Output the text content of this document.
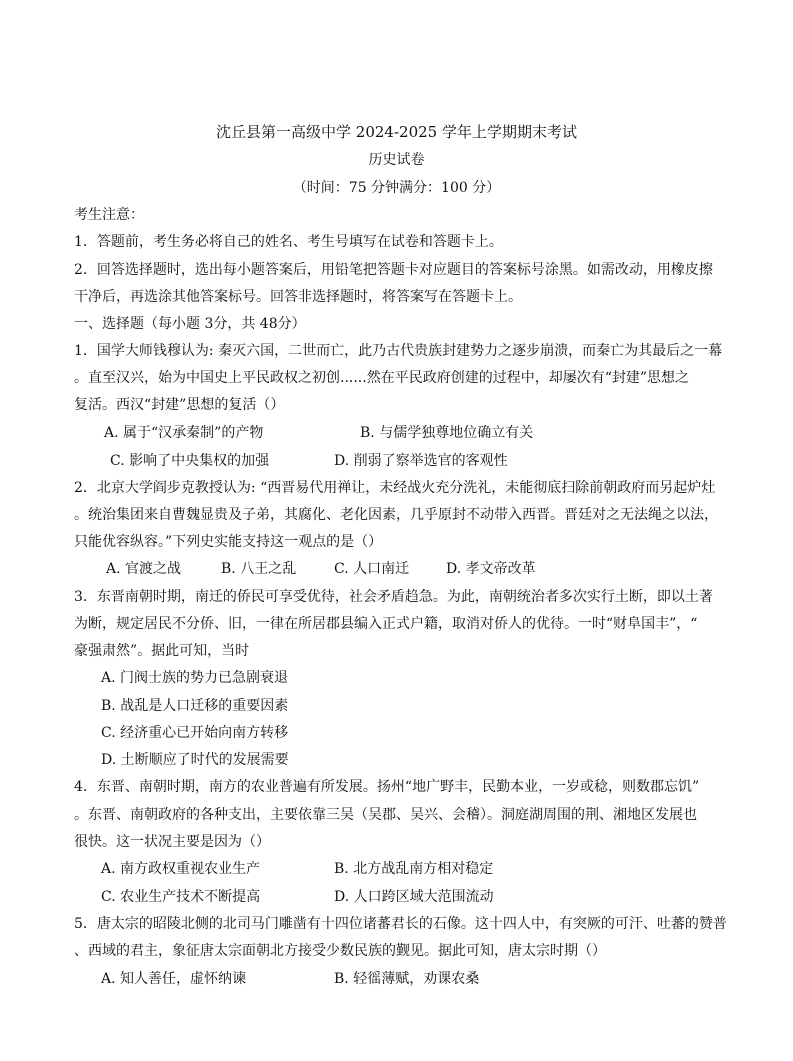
沈丘县第一高级中学 2024-2025 学年上学期期末考试
历史试卷
（时间：75 分钟满分：100 分）
考生注意：
1．答题前，考生务必将自己的姓名、考生号填写在试卷和答题卡上。
2．回答选择题时，选出每小题答案后，用铅笔把答题卡对应题目的答案标号涂黑。如需改动，用橡皮擦
干净后，再选涂其他答案标号。回答非选择题时，将答案写在答题卡上。
一、选择题（每小题 3分，共 48分）
1．国学大师钱穆认为: 秦灭六国，二世而亡，此乃古代贵族封建势力之逐步崩溃，而秦亡为其最后之一幕
。直至汉兴，始为中国史上平民政权之初创......然在平民政府创建的过程中，却屡次有“封建”思想之
复活。西汉“封建”思想的复活（）
A. 属于“汉承秦制”的产物	B. 与儒学独尊地位确立有关
C. 影响了中央集权的加强	D. 削弱了察举选官的客观性
2．北京大学阎步克教授认为: “西晋易代用禅让，未经战火充分洗礼，未能彻底扫除前朝政府而另起炉灶
。统治集团来自曹魏显贵及子弟，其腐化、老化因素，几乎原封不动带入西晋。晋廷对之无法绳之以法，
只能优容纵容。”下列史实能支持这一观点的是（）
A. 官渡之战	B. 八王之乱	C. 人口南迁	D. 孝文帝改革
3．东晋南朝时期，南迁的侨民可享受优待，社会矛盾趋急。为此，南朝统治者多次实行土断，即以土著
为断，规定居民不分侨、旧，一律在所居郡县编入正式户籍，取消对侨人的优待。一时“财阜国丰”，“
豪强肃然”。据此可知，当时
A. 门阀士族的势力已急剧衰退
B. 战乱是人口迁移的重要因素
C. 经济重心已开始向南方转移
D. 土断顺应了时代的发展需要
4．东晋、南朝时期，南方的农业普遍有所发展。扬州“地广野丰，民勤本业，一岁或稔，则数郡忘饥”
。东晋、南朝政府的各种支出，主要依靠三吴（吴郡、吴兴、会稽）。洞庭湖周围的荆、湘地区发展也
很快。这一状况主要是因为（）
A. 南方政权重视农业生产	B. 北方战乱南方相对稳定
C. 农业生产技术不断提高	D. 人口跨区域大范围流动
5．唐太宗的昭陵北侧的北司马门雕凿有十四位诸蕃君长的石像。这十四人中，有突厥的可汗、吐蕃的赞普
、西域的君主，象征唐太宗面朝北方接受少数民族的觐见。据此可知，唐太宗时期（）
A. 知人善任，虚怀纳谏	B. 轻徭薄赋，劝课农桑
